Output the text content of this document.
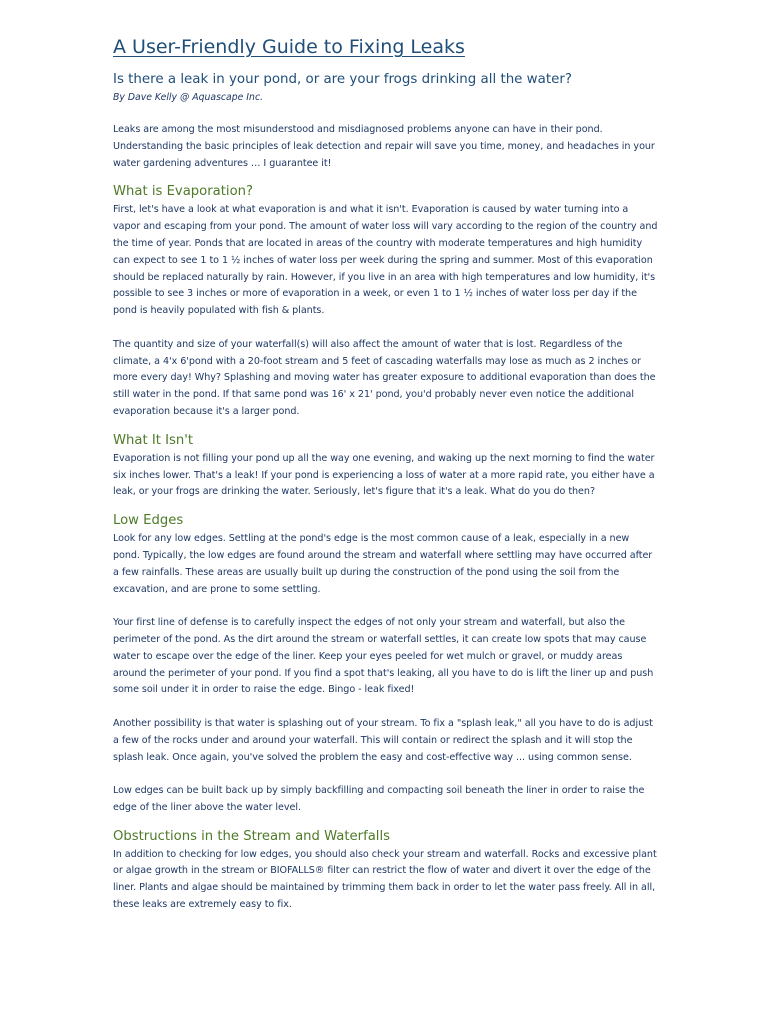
A User-Friendly Guide to Fixing Leaks
Is there a leak in your pond, or are your frogs drinking all the water?
By Dave Kelly @ Aquascape Inc.

Leaks are among the most misunderstood and misdiagnosed problems anyone can have in their pond. Understanding the basic principles of leak detection and repair will save you time, money, and headaches in your water gardening adventures … I guarantee it!

What is Evaporation?

First, let's have a look at what evaporation is and what it isn't. Evaporation is caused by water turning into a vapor and escaping from your pond. The amount of water loss will vary according to the region of the country and the time of year. Ponds that are located in areas of the country with moderate temperatures and high humidity can expect to see 1 to 1 ½ inches of water loss per week during the spring and summer. Most of this evaporation should be replaced naturally by rain. However, if you live in an area with high temperatures and low humidity, it's possible to see 3 inches or more of evaporation in a week, or even 1 to 1 ½ inches of water loss per day if the pond is heavily populated with fish & plants.

The quantity and size of your waterfall(s) will also affect the amount of water that is lost. Regardless of the climate, a 4'x 6'pond with a 20-foot stream and 5 feet of cascading waterfalls may lose as much as 2 inches or more every day! Why? Splashing and moving water has greater exposure to additional evaporation than does the still water in the pond. If that same pond was 16' x 21' pond, you'd probably never even notice the additional evaporation because it's a larger pond.

What It Isn't

Evaporation is not filling your pond up all the way one evening, and waking up the next morning to find the water six inches lower. That's a leak! If your pond is experiencing a loss of water at a more rapid rate, you either have a leak, or your frogs are drinking the water. Seriously, let's figure that it's a leak. What do you do then?

Low Edges

Look for any low edges. Settling at the pond's edge is the most common cause of a leak, especially in a new pond. Typically, the low edges are found around the stream and waterfall where settling may have occurred after a few rainfalls. These areas are usually built up during the construction of the pond using the soil from the excavation, and are prone to some settling.

Your first line of defense is to carefully inspect the edges of not only your stream and waterfall, but also the perimeter of the pond. As the dirt around the stream or waterfall settles, it can create low spots that may cause water to escape over the edge of the liner. Keep your eyes peeled for wet mulch or gravel, or muddy areas around the perimeter of your pond. If you find a spot that's leaking, all you have to do is lift the liner up and push some soil under it in order to raise the edge. Bingo - leak fixed!

Another possibility is that water is splashing out of your stream. To fix a "splash leak," all you have to do is adjust a few of the rocks under and around your waterfall. This will contain or redirect the splash and it will stop the splash leak. Once again, you've solved the problem the easy and cost-effective way ... using common sense.

Low edges can be built back up by simply backfilling and compacting soil beneath the liner in order to raise the edge of the liner above the water level.

Obstructions in the Stream and Waterfalls

In addition to checking for low edges, you should also check your stream and waterfall. Rocks and excessive plant or algae growth in the stream or BIOFALLS® filter can restrict the flow of water and divert it over the edge of the liner. Plants and algae should be maintained by trimming them back in order to let the water pass freely. All in all, these leaks are extremely easy to fix.
